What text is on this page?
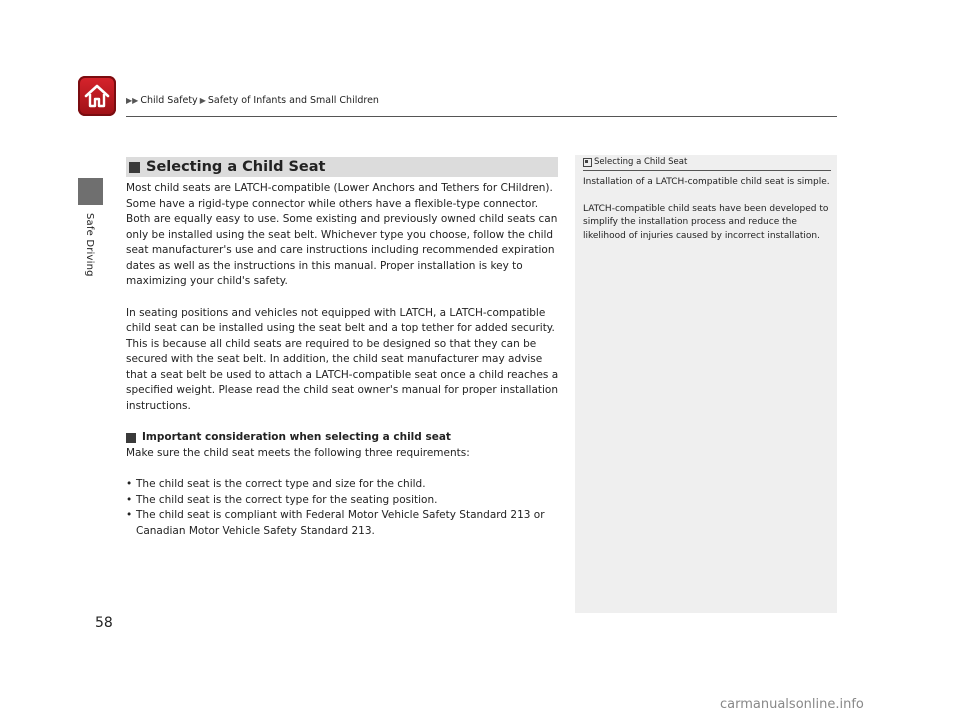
▶▶ Child Safety ▶ Safety of Infants and Small Children
Safe Driving
Selecting a Child Seat

Most child seats are LATCH-compatible (Lower Anchors and Tethers for CHildren). Some have a rigid-type connector while others have a flexible-type connector. Both are equally easy to use. Some existing and previously owned child seats can only be installed using the seat belt. Whichever type you choose, follow the child seat manufacturer's use and care instructions including recommended expiration dates as well as the instructions in this manual. Proper installation is key to maximizing your child's safety.

In seating positions and vehicles not equipped with LATCH, a LATCH-compatible child seat can be installed using the seat belt and a top tether for added security. This is because all child seats are required to be designed so that they can be secured with the seat belt. In addition, the child seat manufacturer may advise that a seat belt be used to attach a LATCH-compatible seat once a child reaches a specified weight. Please read the child seat owner's manual for proper installation instructions.

Important consideration when selecting a child seat

Make sure the child seat meets the following three requirements:

• The child seat is the correct type and size for the child.
• The child seat is the correct type for the seating position.
• The child seat is compliant with Federal Motor Vehicle Safety Standard 213 or Canadian Motor Vehicle Safety Standard 213.
Selecting a Child Seat

Installation of a LATCH-compatible child seat is simple.

LATCH-compatible child seats have been developed to simplify the installation process and reduce the likelihood of injuries caused by incorrect installation.

58
carmanualsonline.info
